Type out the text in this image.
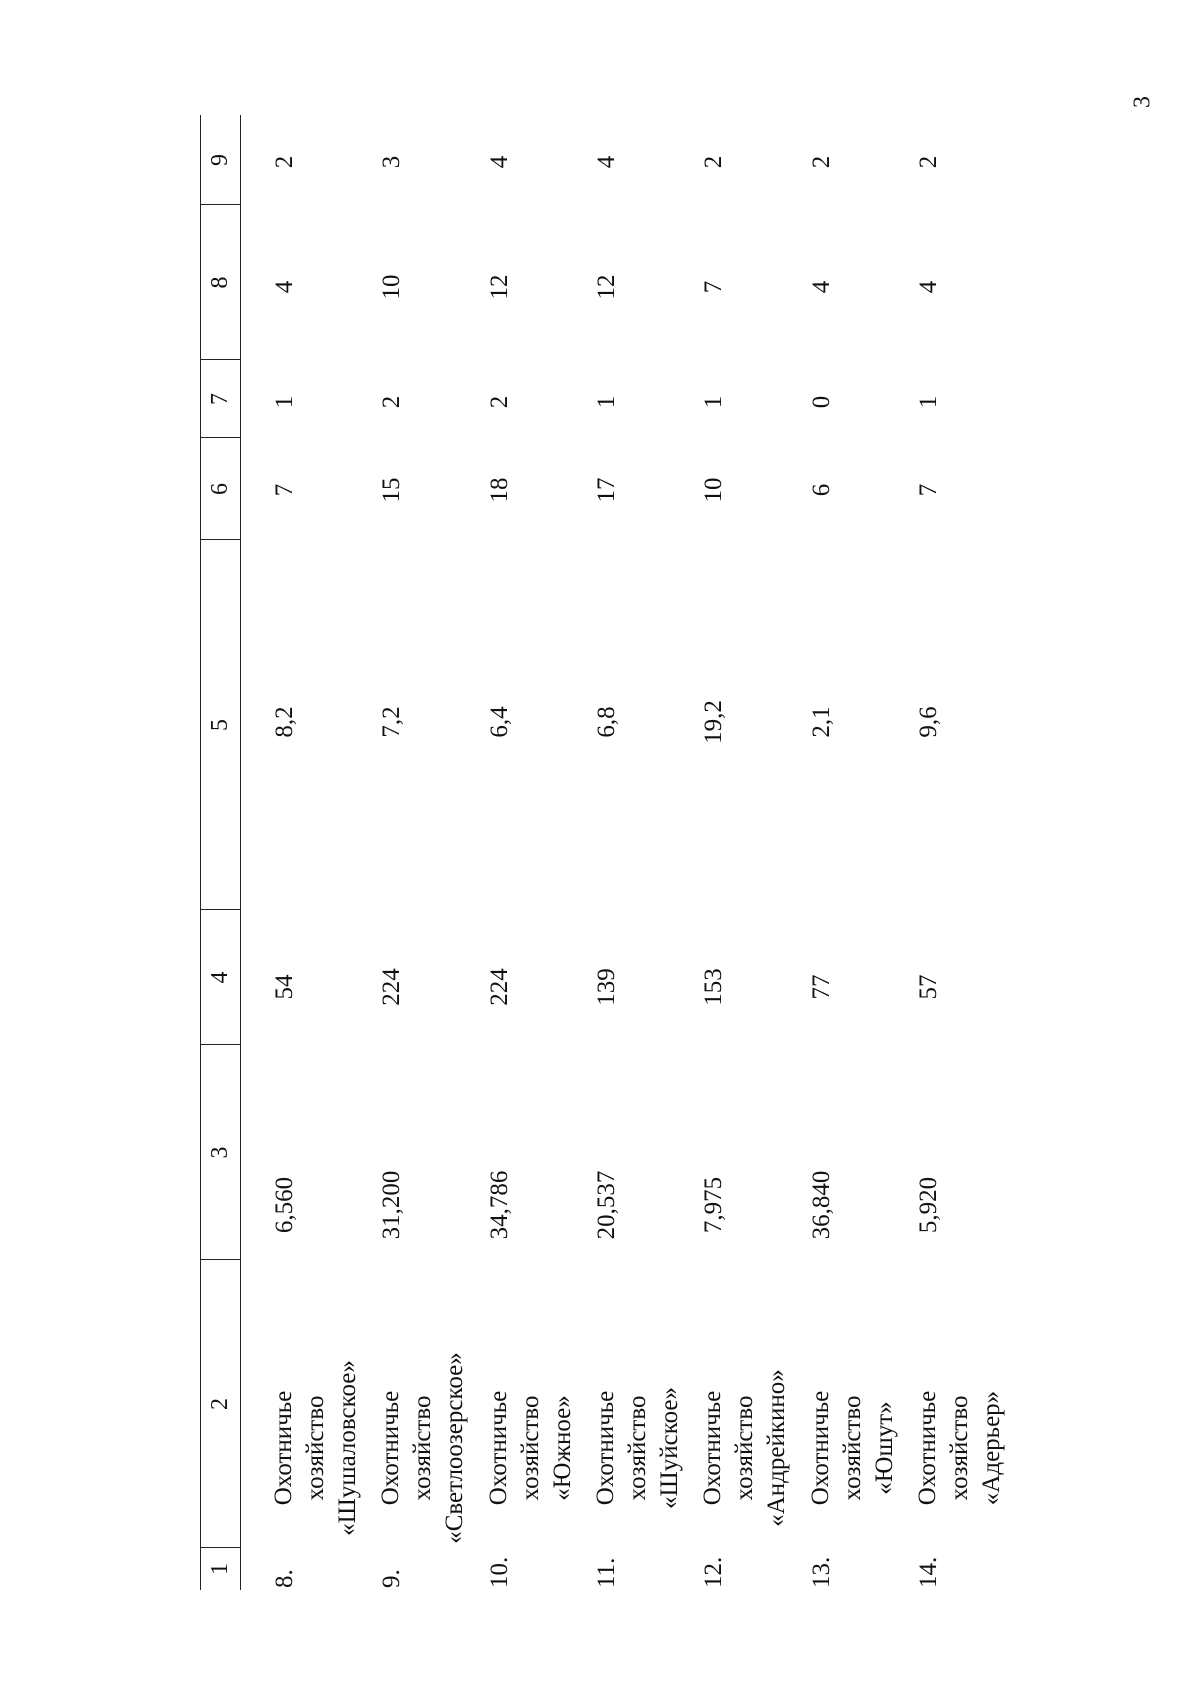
3
1
2
3
4
5
6
7
8
9
8.
Охотничье хозяйство «Шушаловское»
6,560
54
8,2
7
1
4
2
9.
Охотничье хозяйство «Светлоозерское»
31,200
224
7,2
15
2
10
3
10.
Охотничье хозяйство «Южное»
34,786
224
6,4
18
2
12
4
11.
Охотничье хозяйство «Шуйское»
20,537
139
6,8
17
1
12
4
12.
Охотничье хозяйство «Андрейкино»
7,975
153
19,2
10
1
7
2
13.
Охотничье хозяйство «Юшут»
36,840
77
2,1
6
0
4
2
14.
Охотничье хозяйство «Адерьер»
5,920
57
9,6
7
1
4
2
